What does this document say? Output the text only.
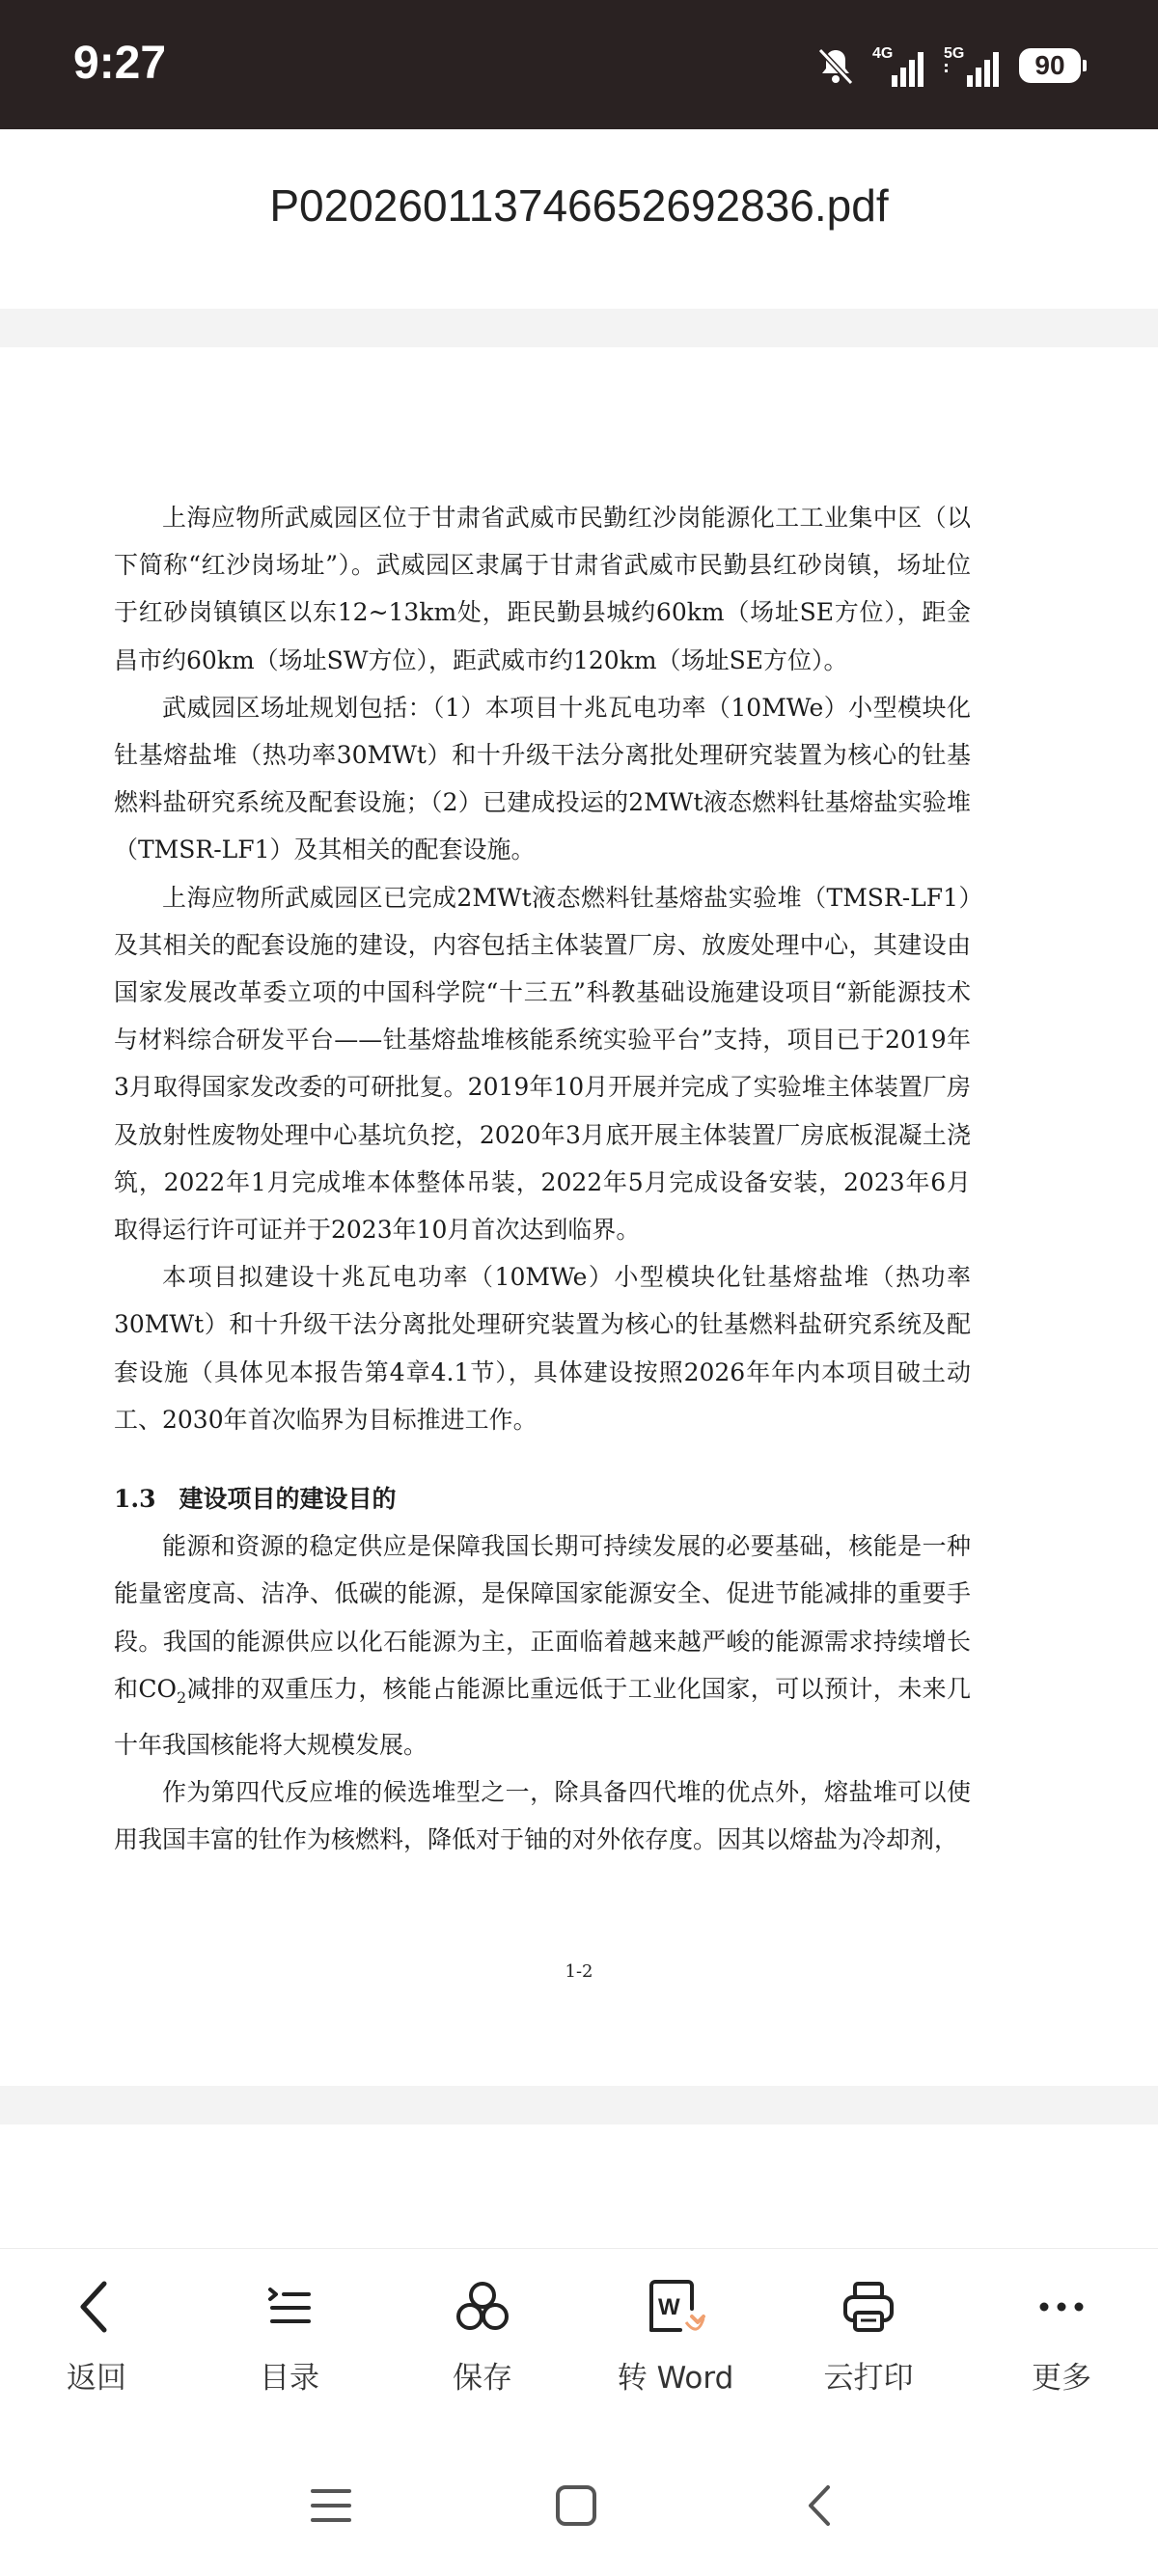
9:27	4G	5G	90
P020260113746652692836.pdf

上海应物所武威园区位于甘肃省武威市民勤红沙岗能源化工工业集中区（以下简称“红沙岗场址”）。武威园区隶属于甘肃省武威市民勤县红砂岗镇，场址位于红砂岗镇镇区以东12~13km处，距民勤县城约60km（场址SE方位），距金昌市约60km（场址SW方位），距武威市约120km（场址SE方位）。

武威园区场址规划包括：（1）本项目十兆瓦电功率（10MWe）小型模块化钍基熔盐堆（热功率30MWt）和十升级干法分离批处理研究装置为核心的钍基燃料盐研究系统及配套设施；（2）已建成投运的2MWt液态燃料钍基熔盐实验堆（TMSR-LF1）及其相关的配套设施。

上海应物所武威园区已完成2MWt液态燃料钍基熔盐实验堆（TMSR-LF1）及其相关的配套设施的建设，内容包括主体装置厂房、放废处理中心，其建设由国家发展改革委立项的中国科学院“十三五”科教基础设施建设项目“新能源技术与材料综合研发平台——钍基熔盐堆核能系统实验平台”支持，项目已于2019年3月取得国家发改委的可研批复。2019年10月开展并完成了实验堆主体装置厂房及放射性废物处理中心基坑负挖，2020年3月底开展主体装置厂房底板混凝土浇筑，2022年1月完成堆本体整体吊装，2022年5月完成设备安装，2023年6月取得运行许可证并于2023年10月首次达到临界。

本项目拟建设十兆瓦电功率（10MWe）小型模块化钍基熔盐堆（热功率30MWt）和十升级干法分离批处理研究装置为核心的钍基燃料盐研究系统及配套设施（具体见本报告第4章4.1节），具体建设按照2026年年内本项目破土动工、2030年首次临界为目标推进工作。

1.3 建设项目的建设目的

能源和资源的稳定供应是保障我国长期可持续发展的必要基础，核能是一种能量密度高、洁净、低碳的能源，是保障国家能源安全、促进节能减排的重要手段。我国的能源供应以化石能源为主，正面临着越来越严峻的能源需求持续增长和$CO_2$减排的双重压力，核能占能源比重远低于工业化国家，可以预计，未来几十年我国核能将大规模发展。

作为第四代反应堆的候选堆型之一，除具备四代堆的优点外，熔盐堆可以使用我国丰富的钍作为核燃料，降低对于铀的对外依存度。因其以熔盐为冷却剂，

1-2
返回	目录	保存
W
转 Word	云打印	更多
